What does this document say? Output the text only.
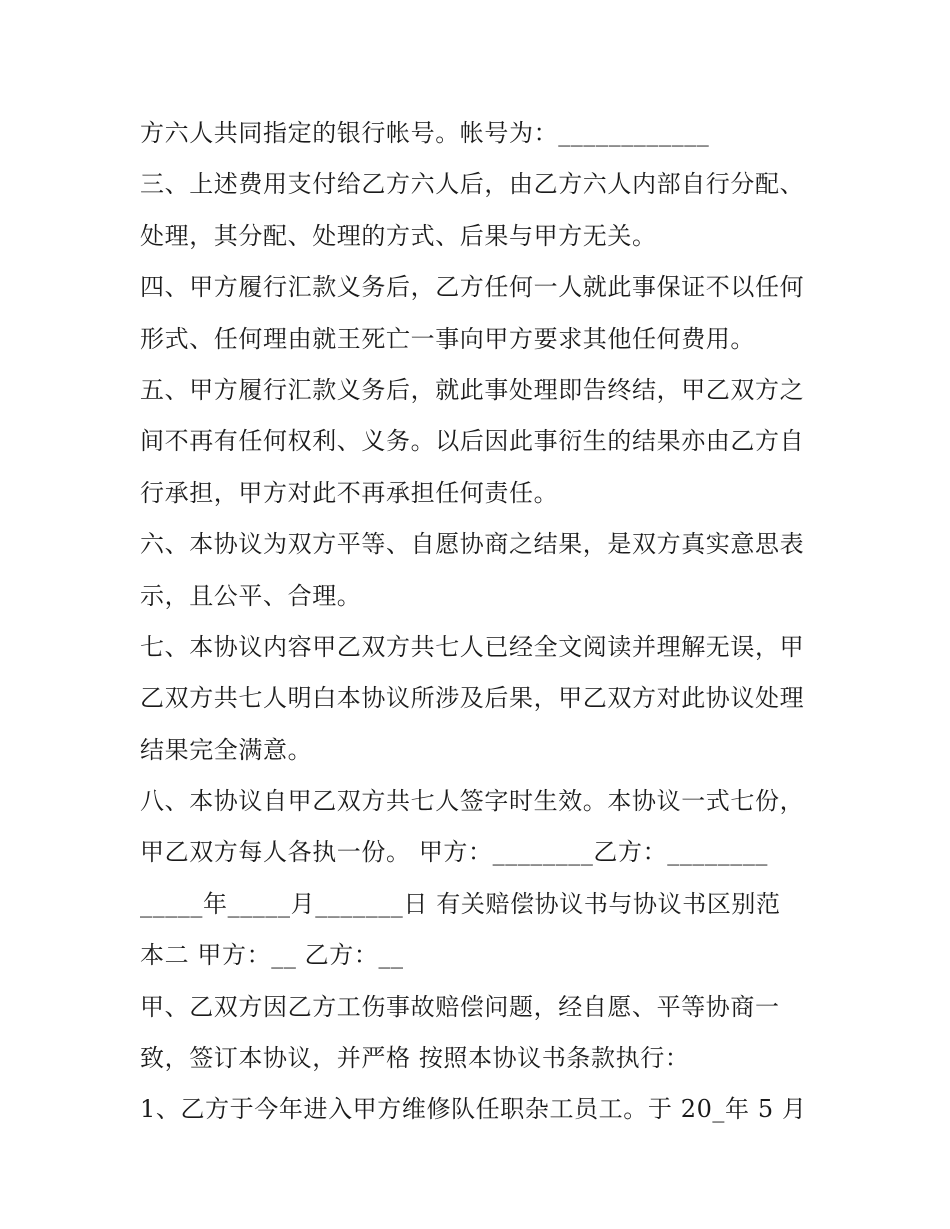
方六人共同指定的银行帐号。帐号为：____________
三、上述费用支付给乙方六人后，由乙方六人内部自行分配、
处理，其分配、处理的方式、后果与甲方无关。
四、甲方履行汇款义务后，乙方任何一人就此事保证不以任何
形式、任何理由就王死亡一事向甲方要求其他任何费用。
五、甲方履行汇款义务后，就此事处理即告终结，甲乙双方之
间不再有任何权利、义务。以后因此事衍生的结果亦由乙方自
行承担，甲方对此不再承担任何责任。
六、本协议为双方平等、自愿协商之结果，是双方真实意思表
示，且公平、合理。
七、本协议内容甲乙双方共七人已经全文阅读并理解无误，甲
乙双方共七人明白本协议所涉及后果，甲乙双方对此协议处理
结果完全满意。
八、本协议自甲乙双方共七人签字时生效。本协议一式七份，
甲乙双方每人各执一份。 甲方：________乙方：________
_____年_____月_______日 有关赔偿协议书与协议书区别范
本二 甲方：__ 乙方：__
甲、乙双方因乙方工伤事故赔偿问题，经自愿、平等协商一
致，签订本协议，并严格 按照本协议书条款执行：
1、乙方于今年进入甲方维修队任职杂工员工。于 20_年 5 月
